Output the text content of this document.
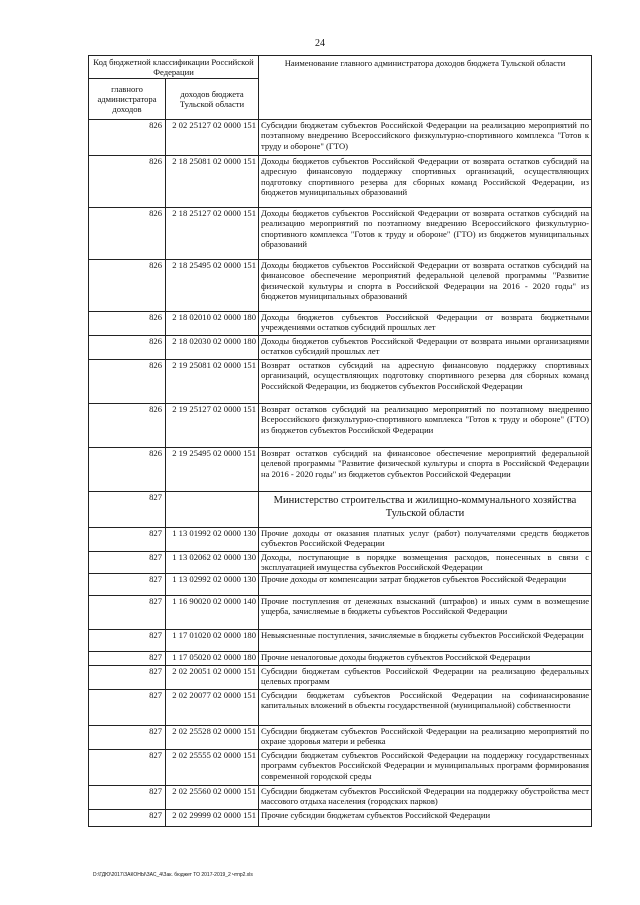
24
Код бюджетной классификации Российской Федерации		Наименование главного администратора доходов бюджета Тульской области
главного администратора доходов	доходов бюджета Тульской области	
826	2 02 25127 02 0000 151	Субсидии бюджетам субъектов Российской Федерации на реализацию мероприятий по поэтапному внедрению Всероссийского физкультурно-спортивного комплекса "Готов к труду и обороне" (ГТО)
826	2 18 25081 02 0000 151	Доходы бюджетов субъектов Российской Федерации от возврата остатков субсидий на адресную финансовую поддержку спортивных организаций, осуществляющих подготовку спортивного резерва для сборных команд Российской Федерации, из бюджетов муниципальных образований
826	2 18 25127 02 0000 151	Доходы бюджетов субъектов Российской Федерации от возврата остатков субсидий на реализацию мероприятий по поэтапному внедрению Всероссийского физкультурно-спортивного комплекса "Готов к труду и обороне" (ГТО) из бюджетов муниципальных образований
826	2 18 25495 02 0000 151	Доходы бюджетов субъектов Российской Федерации от возврата остатков субсидий на финансовое обеспечение мероприятий федеральной целевой программы "Развитие физической культуры и спорта в Российской Федерации на 2016 - 2020 годы" из бюджетов муниципальных образований
826	2 18 02010 02 0000 180	Доходы бюджетов субъектов Российской Федерации от возврата бюджетными учреждениями остатков субсидий прошлых лет
826	2 18 02030 02 0000 180	Доходы бюджетов субъектов Российской Федерации от возврата иными организациями остатков субсидий прошлых лет
826	2 19 25081 02 0000 151	Возврат остатков субсидий на адресную финансовую поддержку спортивных организаций, осуществляющих подготовку спортивного резерва для сборных команд Российской Федерации, из бюджетов субъектов Российской Федерации
826	2 19 25127 02 0000 151	Возврат остатков субсидий на реализацию мероприятий по поэтапному внедрению Всероссийского физкультурно-спортивного комплекса "Готов к труду и обороне" (ГТО) из бюджетов субъектов Российской Федерации
826	2 19 25495 02 0000 151	Возврат остатков субсидий на финансовое обеспечение мероприятий федеральной целевой программы "Развитие физической культуры и спорта в Российской Федерации на 2016 - 2020 годы" из бюджетов субъектов Российской Федерации
827		Министерство строительства и жилищно-коммунального хозяйства Тульской области
827	1 13 01992 02 0000 130	Прочие доходы от оказания платных услуг (работ) получателями средств бюджетов субъектов Российской Федерации
827	1 13 02062 02 0000 130	Доходы, поступающие в порядке возмещения расходов, понесенных в связи с эксплуатацией имущества субъектов Российской Федерации
827	1 13 02992 02 0000 130	Прочие доходы от компенсации затрат бюджетов субъектов Российской Федерации
827	1 16 90020 02 0000 140	Прочие поступления от денежных взысканий (штрафов) и иных сумм в возмещение ущерба, зачисляемые в бюджеты субъектов Российской Федерации
827	1 17 01020 02 0000 180	Невыясненные поступления, зачисляемые в бюджеты субъектов Российской Федерации
827	1 17 05020 02 0000 180	Прочие неналоговые доходы бюджетов субъектов Российской Федерации
827	2 02 20051 02 0000 151	Субсидии бюджетам субъектов Российской Федерации на реализацию федеральных целевых программ
827	2 02 20077 02 0000 151	Субсидии бюджетам субъектов Российской Федерации на софинансирование капитальных вложений в объекты государственной (муниципальной) собственности
827	2 02 25528 02 0000 151	Субсидии бюджетам субъектов Российской Федерации на реализацию мероприятий по охране здоровья матери и ребенка
827	2 02 25555 02 0000 151	Субсидии бюджетам субъектов Российской Федерации на поддержку государственных программ субъектов Российской Федерации и муниципальных программ формирования современной городской среды
827	2 02 25560 02 0000 151	Субсидии бюджетам субъектов Российской Федерации на поддержку обустройства мест массового отдыха населения (городских парков)
827	2 02 29999 02 0000 151	Прочие субсидии бюджетам субъектов Российской Федерации
D:\ГДЮ\2017\ЗАКОНЫ\ЗАС_4\Зак. бюджет ТО 2017-2019_2 чтпр2.xls
